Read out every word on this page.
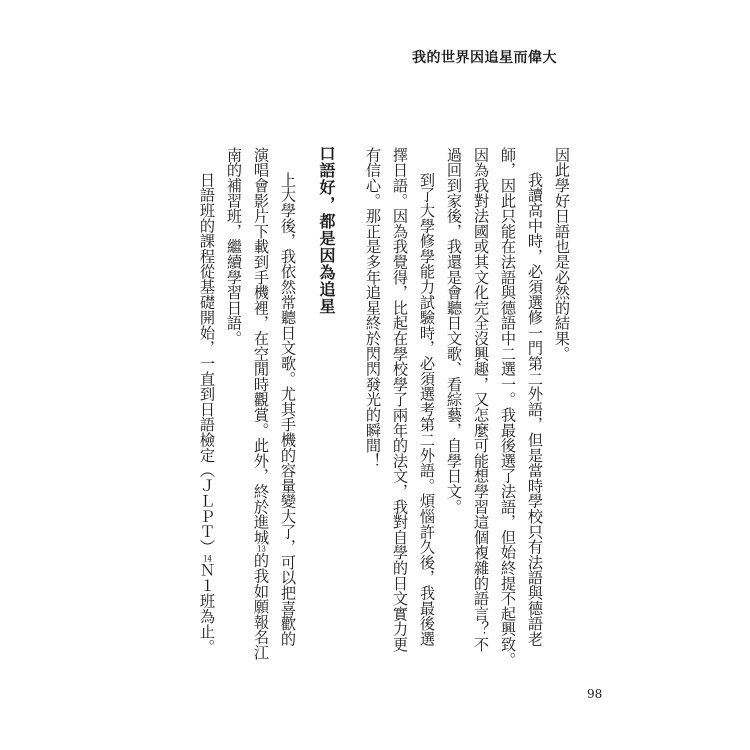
我的世界因追星而偉大
因此學好日語也是必然的結果。
我讀高中時，必須選修一門第二外語，但是當時學校只有法語與德語老
師，因此只能在法語與德語中二選一。我最後選了法語，但始終提不起興致。
因為我對法國或其文化完全沒興趣，又怎麼可能想學習這個複雜的語言？不
過回到家後，我還是會聽日文歌、看綜藝，自學日文。
到了大學修學能力試驗時，必須選考第二外語。煩惱許久後，我最後選
擇日語。因為我覺得，比起在學校學了兩年的法文，我對自學的日文實力更
有信心。那正是多年追星終於閃閃發光的瞬間！
口語好，都是因為追星
上大學後，我依然常聽日文歌。尤其手機的容量變大了，可以把喜歡的
演唱會影片下載到手機裡，在空閒時觀賞。此外，終於進城13的我如願報名江
南的補習班，繼續學習日語。
日語班的課程從基礎開始，一直到日語檢定（ＪＬＰＴ）14Ｎ１班為止。
98
